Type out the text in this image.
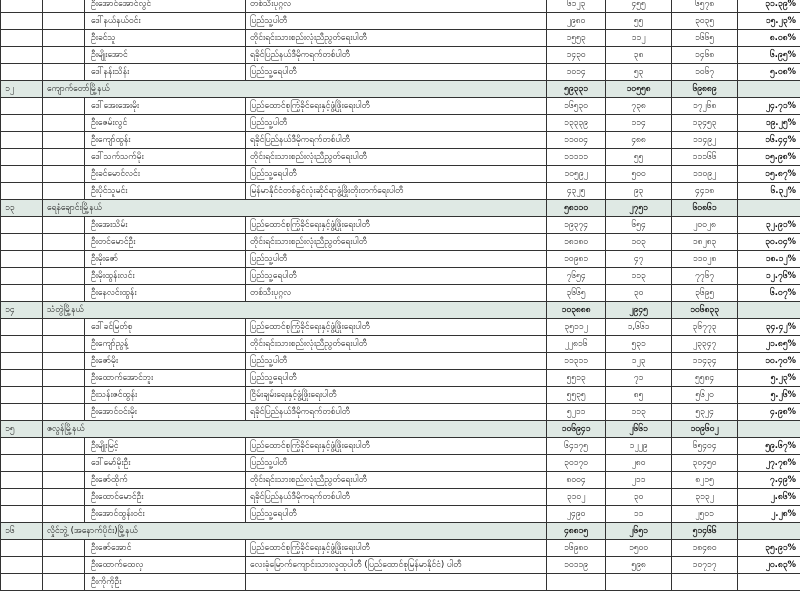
		ဦးအောင်အောင်လွင်	တစ်သီးပုဂ္ဂလ	၆၁၂၃	၄၅၅	၆၅၇၈	၃၁.၃၉%
		ဒေါ်နယ်နယ်ဝင်း	ပြည်သူ့ပါတီ	၂၉၈၀	၅၅	၃၀၃၅	၁၅.၂၃%
		ဦးခင်သူ	တိုင်းရင်းသားစည်းလုံးညီညွတ်ရေးပါတီ	၁၅၅၃	၁၁၂	၁၆၆၅	၈.၀၈%
		ဦးမျိုးအောင်	ရခိုင်ပြည်နယ်ဒီမိုကရက်တစ်ပါတီ	၁၄၃၀	၃၈	၁၄၆၈	၆.၉၅%
		ဒေါ်နန်းသိန်း	ပြည်သူ့ရေပါတီ	၁၀၁၄	၅၃	၁၀၆၇	၅.၀၈%
၁၂	ကျောက်တော်မြို့နယ်			၅၉၃၃၁	၁၀၅၅၈	၆၉၈၈၉	
		ဒေါ်အေးအေးမိုး	ပြည်ထောင်စုကြံ့ခိုင်ရေးနှင့်ဖွံ့ဖြိုးရေးပါတီ	၁၆၅၃၀	၇၃၈	၁၇၂၆၈	၂၄.၇၁%
		ဦးဇေမ်းလွင်	ပြည်သူ့ပါတီ	၁၃၃၃၉	၁၁၄	၁၃၄၅၃	၁၉.၂၅%
		ဦးကျော်ထွန်း	ရခိုင်ပြည်နယ်ဒီမိုကရက်တစ်ပါတီ	၁၁၀၀၄	၄၈၈	၁၁၄၉၂	၁၆.၄၄%
		ဒေါ်သက်သက်မိုး	တိုင်းရင်းသားစည်းလုံးညီညွတ်ရေးပါတီ	၁၁၁၁၁	၅၅	၁၁၁၆၆	၁၅.၉၈%
		ဦးခင်မောင်လင်း	ပြည်သူ့ရေပါတီ	၁၀၅၉၂	၅၀၀	၁၁၀၉၂	၁၅.၈၇%
		ဦးပိုင်သူမင်း	မြန်မာနိုင်ငံတစ်ခွင်လုံးဆိုင်ရာဖွံ့ဖြိုးတိုးတက်ရေးပါတီ	၄၃၂၅	၉၃	၄၄၁၈	၆.၃၂%
၁၃	ရေနံချောင်းမြို့နယ်			၅၈၁၁၀	၂၇၅၁	၆၀၈၆၁	
		ဦးအေးသိမ်း	ပြည်ထောင်စုကြံ့ခိုင်ရေးနှင့်ဖွံ့ဖြိုးရေးပါတီ	၁၉၃၇၄	၆၅၄	၂၀၀၂၈	၃၂.၉၁%
		ဦးတင်မောင်ဦး	တိုင်းရင်းသားစည်းလုံးညီညွတ်ရေးပါတီ	၁၈၁၈၀	၁၀၃	၁၈၂၈၃	၃၀.၀၄%
		ဦးမိုးဇော်	ပြည်သူ့ပါတီ	၁၀၉၈၁	၄၇	၁၁၀၂၈	၁၈.၁၂%
		ဦးမိုးထွန်းလင်း	ပြည်သူ့ရေပါတီ	၇၆၅၄	၁၁၃	၇၇၆၇	၁၂.၇၆%
		ဦးနေလင်းထွန်း	တစ်သီးပုဂ္ဂလ	၃၆၆၅	၃၀	၃၆၉၅	၆.၀၇%
၁၄	သံတွဲမြို့နယ်			၁၀၃၈၈၈	၂၉၄၅	၁၀၆၈၃၃	
		ဒေါ်ခင်မြတ်စု	ပြည်ထောင်စုကြံ့ခိုင်ရေးနှင့်ဖွံ့ဖြိုးရေးပါတီ	၃၅၁၁၂	၁,၆၆၁	၃၆၇၇၃	၃၄.၄၂%
		ဦးကျော်ညွန့်	တိုင်းရင်းသားစည်းလုံးညီညွတ်ရေးပါတီ	၂၂၈၁၆	၅၃၁	၂၃၃၄၇	၂၁.၈၅%
		ဦးဇော်မိုး	ပြည်သူ့ပါတီ	၁၁၃၁၁	၁၂၃	၁၁၄၃၄	၁၀.၇၀%
		ဦးထောက်အောင်ဘူး	ပြည်သူ့ရေပါတီ	၅၅၁၃	၇၁	၅၅၈၄	၅.၂၃%
		ဦးသန်းဇင်ထွန်း	ငြိမ်းချမ်းရေးနှင့်ဖွံ့ဖြိုးရေးပါတီ	၅၅၃၅	၈၅	၅၆၂၀	၅.၂၆%
		ဦးအောင်ဝင်းမိုး	ရခိုင်ပြည်နယ်ဒီမိုကရက်တစ်ပါတီ	၅၂၁၁	၁၁၃	၅၃၂၄	၄.၉၈%
၁၅	ဇလွန်မြို့နယ်			၁၀၆၉၄၁	၂၆၆၁	၁၀၉၆၀၂	
		ဦးမျိုးမြင့်	ပြည်ထောင်စုကြံ့ခိုင်ရေးနှင့်ဖွံ့ဖြိုးရေးပါတီ	၆၄၁၇၅	၁၂၂၉	၆၅၄၀၄	၅၉.၆၇%
		ဒေါ်မော်မိုးဦး	ပြည်သူ့ပါတီ	၃၀၁၇၀	၂၈၀	၃၀၄၅၀	၂၇.၇၈%
		ဦးဇော်ထိုက်	တိုင်းရင်းသားစည်းလုံးညီညွတ်ရေးပါတီ	၈၀၀၄	၂၁၁	၈၂၁၅	၇.၄၉%
		ဦးထောင်မောင်ဦး	ရခိုင်ပြည်နယ်ဒီမိုကရက်တစ်ပါတီ	၃၁၀၂	၃၀	၃၁၃၂	၂.၈၆%
		ဦးအောင်ထွန်းဝင်း	ပြည်သူ့ရေပါတီ	၂၄၉၀	၁၁	၂၅၀၁	၂.၂၈%
၁၆	လှိုင်ဘွဲ့ (အနောက်ပိုင်း)မြို့နယ်			၄၈၈၁၅	၂၆၅၁	၅၁၄၆၆	
		ဦးဇော်အောင်	ပြည်ထောင်စုကြံ့ခိုင်ရေးနှင့်ဖွံ့ဖြိုးရေးပါတီ	၁၆၉၈၀	၁၅၀၀	၁၈၄၈၀	၃၅.၉၁%
		ဦးထောက်ထေလှ	လေးခုံမြောက်ကျောင်းသားလူထုပါတီ (ပြည်ထောင်စုမြန်မာနိုင်ငံ) ပါတီ	၁၀၁၁၉	၅၉၈	၁၀၇၁၇	၂၀.၈၃%
		ဦးကိုကိုဦး					
